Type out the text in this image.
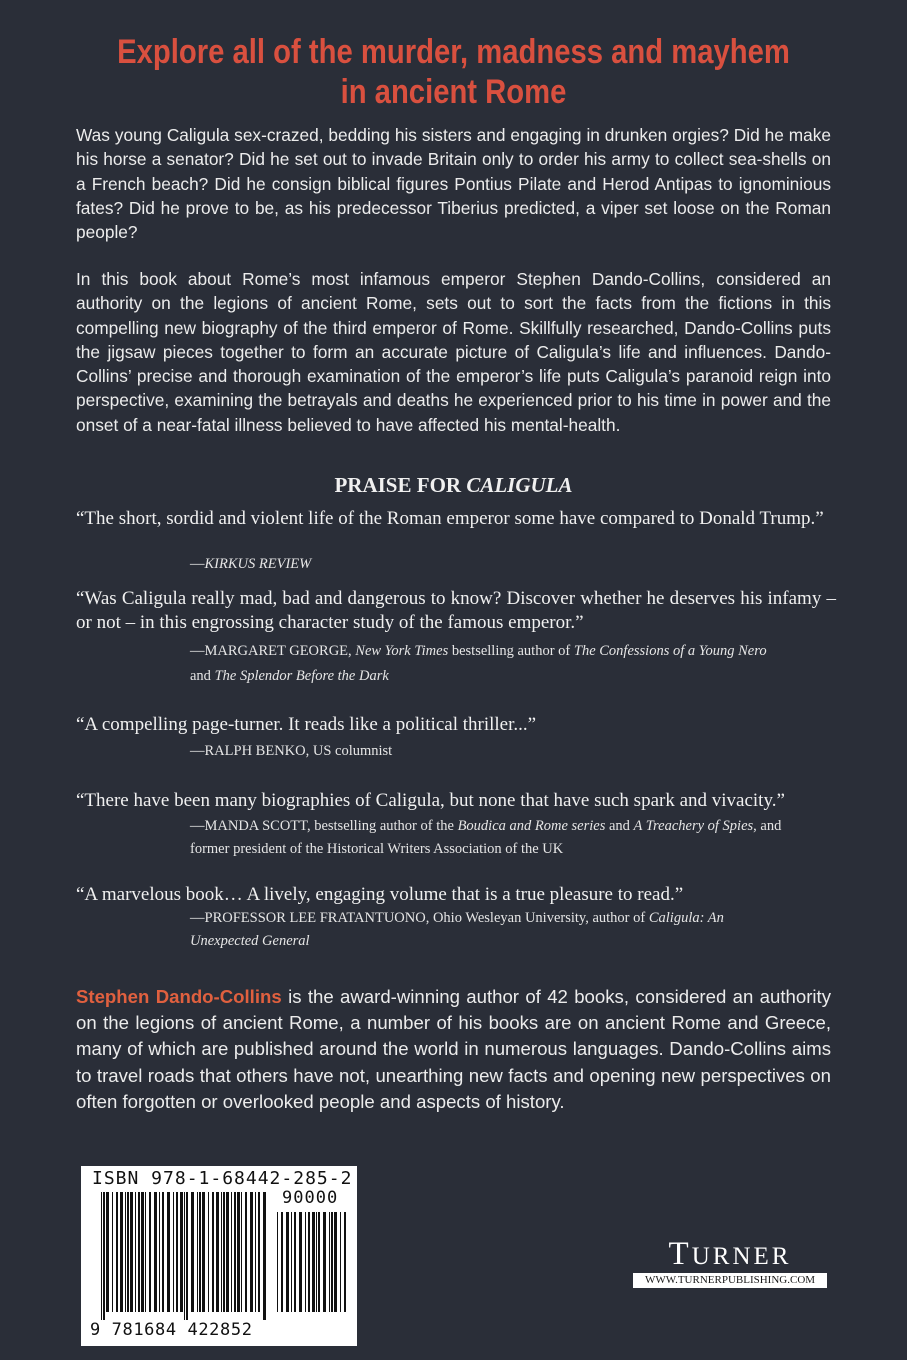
Explore all of the murder, madness and mayhem
in ancient Rome

Was young Caligula sex-crazed, bedding his sisters and engaging in drunken orgies? Did he make his horse a senator? Did he set out to invade Britain only to order his army to collect sea-shells on a French beach? Did he consign biblical figures Pontius Pilate and Herod Antipas to ignominious fates? Did he prove to be, as his predecessor Tiberius predicted, a viper set loose on the Roman people?

In this book about Rome’s most infamous emperor Stephen Dando-Collins, considered an authority on the legions of ancient Rome, sets out to sort the facts from the fictions in this compelling new biography of the third emperor of Rome. Skillfully researched, Dando-Collins puts the jigsaw pieces together to form an accurate picture of Caligula’s life and influences. Dando-Collins’ precise and thorough examination of the emperor’s life puts Caligula’s paranoid reign into perspective, examining the betrayals and deaths he experienced prior to his time in power and the onset of a near-fatal illness believed to have affected his mental-health.

PRAISE FOR CALIGULA
“The short, sordid and violent life of the Roman emperor some have compared to Donald Trump.”
—KIRKUS REVIEW
“Was Caligula really mad, bad and dangerous to know? Discover whether he deserves his infamy – or not – in this engrossing character study of the famous emperor.”
—MARGARET GEORGE, New York Times bestselling author of The Confessions of a Young Nero
and The Splendor Before the Dark
“A compelling page-turner. It reads like a political thriller...”
—RALPH BENKO, US columnist
“There have been many biographies of Caligula, but none that have such spark and vivacity.”
—MANDA SCOTT, bestselling author of the Boudica and Rome series and A Treachery of Spies, and
former president of the Historical Writers Association of the UK
“A marvelous book… A lively, engaging volume that is a true pleasure to read.”
—PROFESSOR LEE FRATANTUONO, Ohio Wesleyan University, author of Caligula: An
Unexpected General

Stephen Dando-Collins is the award-winning author of 42 books, considered an authority on the legions of ancient Rome, a number of his books are on ancient Rome and Greece, many of which are published around the world in numerous languages. Dando-Collins aims to travel roads that others have not, unearthing new facts and opening new perspectives on often forgotten or overlooked people and aspects of history.

ISBN 978-1-68442-285-2
90000
9 781684 422852
TURNER
WWW.TURNERPUBLISHING.COM
